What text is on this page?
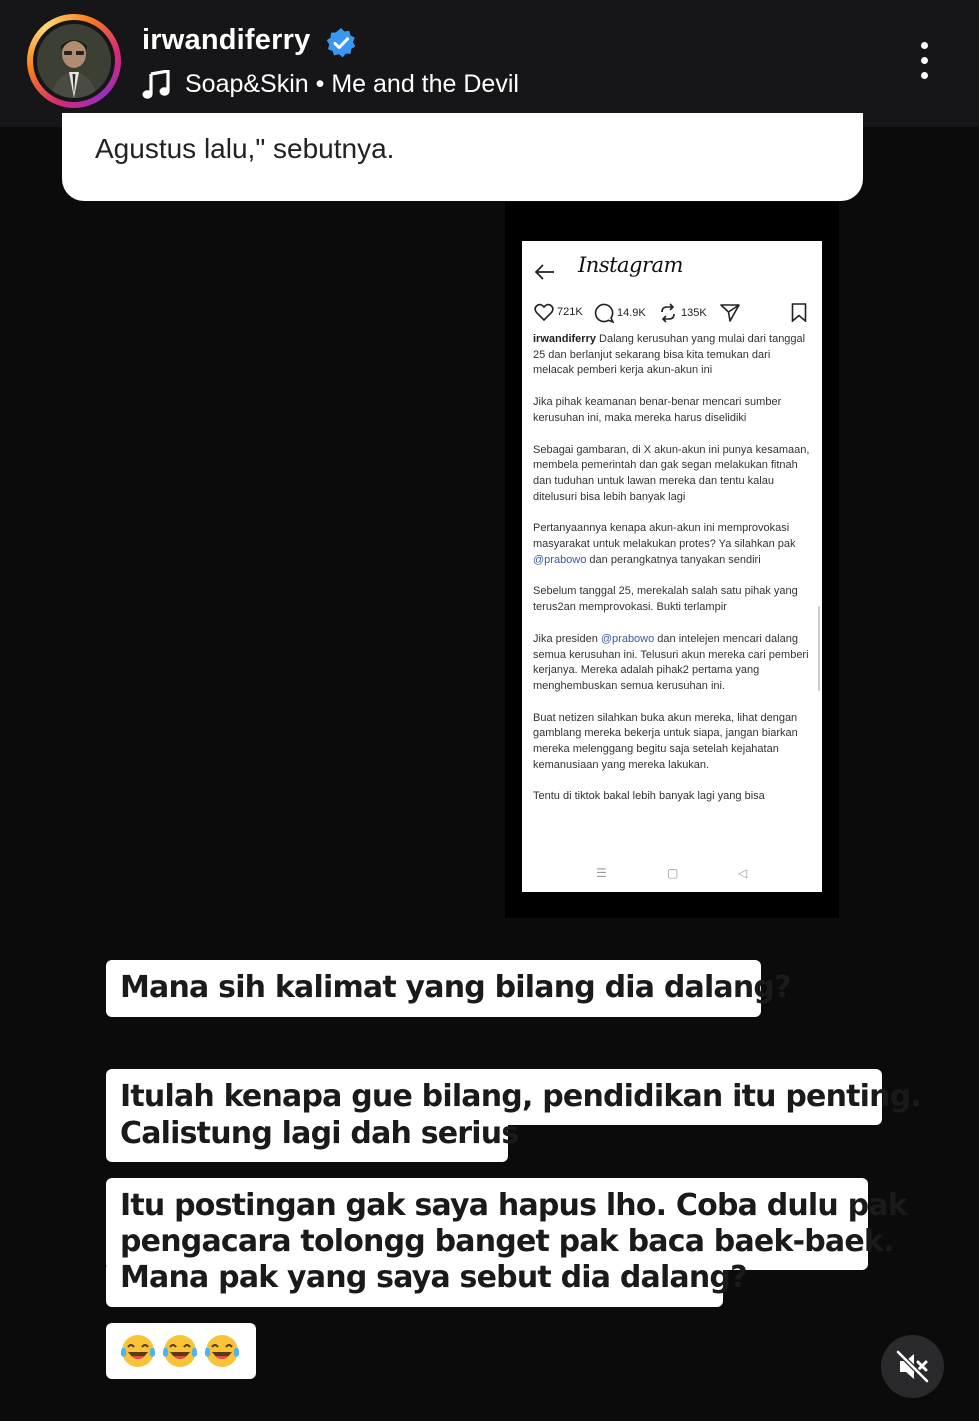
irwandiferry
Soap&Skin • Me and the Devil
Agustus lalu," sebutnya.
Instagram
721K	14.9K	135K

irwandiferry Dalang kerusuhan yang mulai dari tanggal 25 dan berlanjut sekarang bisa kita temukan dari melacak pemberi kerja akun-akun ini

Jika pihak keamanan benar-benar mencari sumber kerusuhan ini, maka mereka harus diselidiki

Sebagai gambaran, di X akun-akun ini punya kesamaan, membela pemerintah dan gak segan melakukan fitnah dan tuduhan untuk lawan mereka dan tentu kalau ditelusuri bisa lebih banyak lagi

Pertanyaannya kenapa akun-akun ini memprovokasi masyarakat untuk melakukan protes? Ya silahkan pak @prabowo dan perangkatnya tanyakan sendiri

Sebelum tanggal 25, merekalah salah satu pihak yang terus2an memprovokasi. Bukti terlampir

Jika presiden @prabowo dan intelejen mencari dalang semua kerusuhan ini. Telusuri akun mereka cari pemberi kerjanya. Mereka adalah pihak2 pertama yang menghembuskan semua kerusuhan ini.

Buat netizen silahkan buka akun mereka, lihat dengan gamblang mereka bekerja untuk siapa, jangan biarkan mereka melenggang begitu saja setelah kejahatan kemanusiaan yang mereka lakukan.

Tentu di tiktok bakal lebih banyak lagi yang bisa

☰	▢	◁
Mana sih kalimat yang bilang dia dalang?
Itulah kenapa gue bilang, pendidikan itu penting.
Calistung lagi dah serius
Itu postingan gak saya hapus lho. Coba dulu pak
pengacara tolongg banget pak baca baek-baek.
Mana pak yang saya sebut dia dalang?
